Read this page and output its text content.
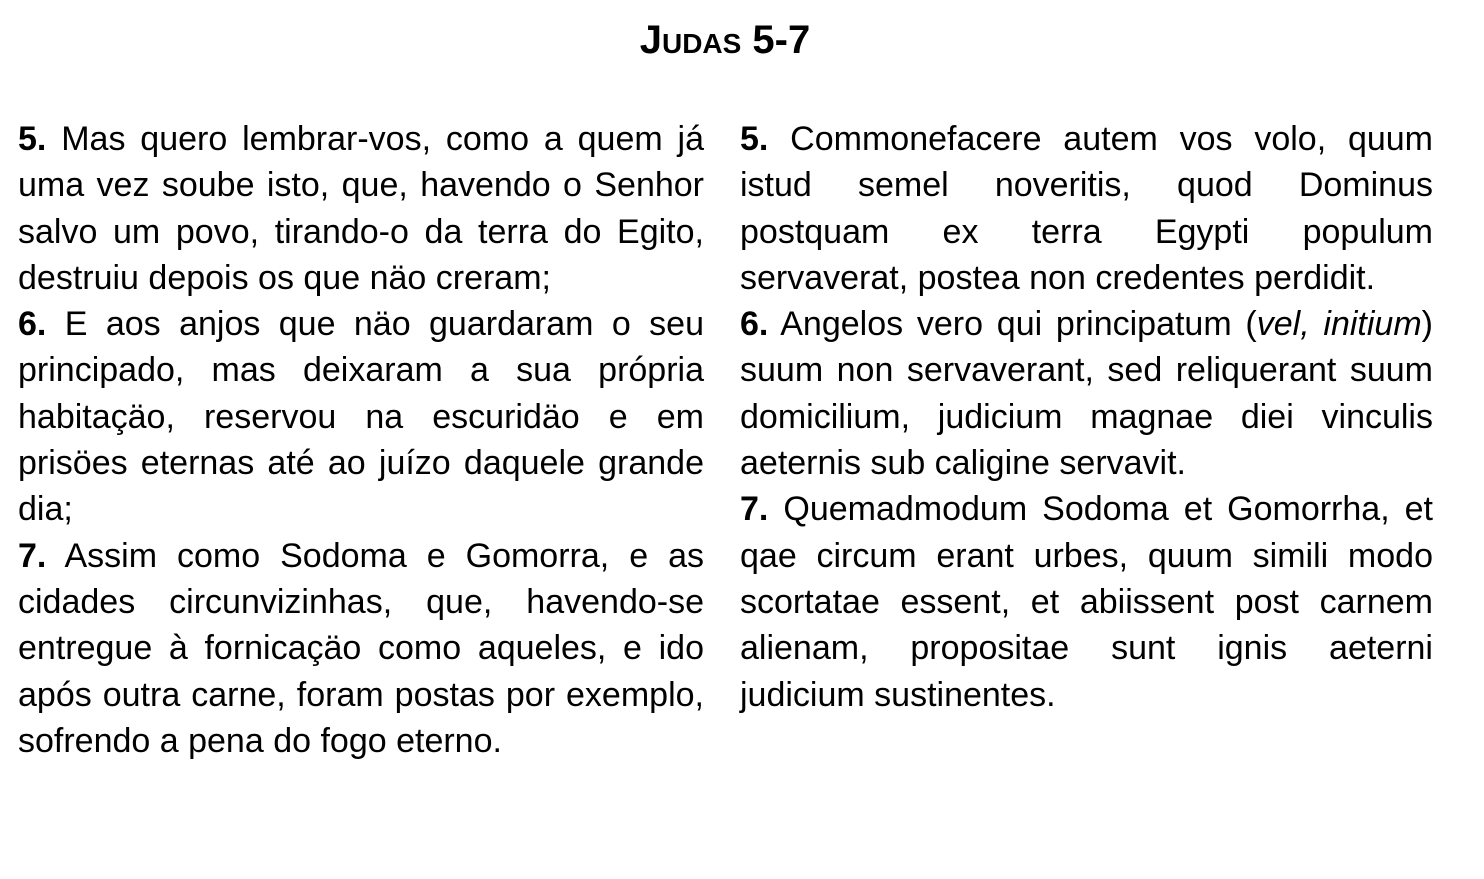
Judas 5-7

5. Mas quero lembrar-vos, como a quem já uma vez soube isto, que, havendo o Senhor salvo um povo, tirando-o da terra do Egito, destruiu depois os que näo creram;

6. E aos anjos que näo guardaram o seu principado, mas deixaram a sua própria habitaçäo, reservou na escuridäo e em prisöes eternas até ao juízo daquele grande dia;

7. Assim como Sodoma e Gomorra, e as cidades circunvizinhas, que, havendo-se entregue à fornicaçäo como aqueles, e ido após outra carne, foram postas por exemplo, sofrendo a pena do fogo eterno.

5. Commonefacere autem vos volo, quum istud semel noveritis, quod Dominus postquam ex terra Egypti populum servaverat, postea non credentes perdidit.

6. Angelos vero qui principatum (vel, initium) suum non servaverant, sed reliquerant suum domicilium, judicium magnae diei vinculis aeternis sub caligine servavit.

7. Quemadmodum Sodoma et Gomorrha, et qae circum erant urbes, quum simili modo scortatae essent, et abiissent post carnem alienam, propositae sunt ignis aeterni judicium sustinentes.
